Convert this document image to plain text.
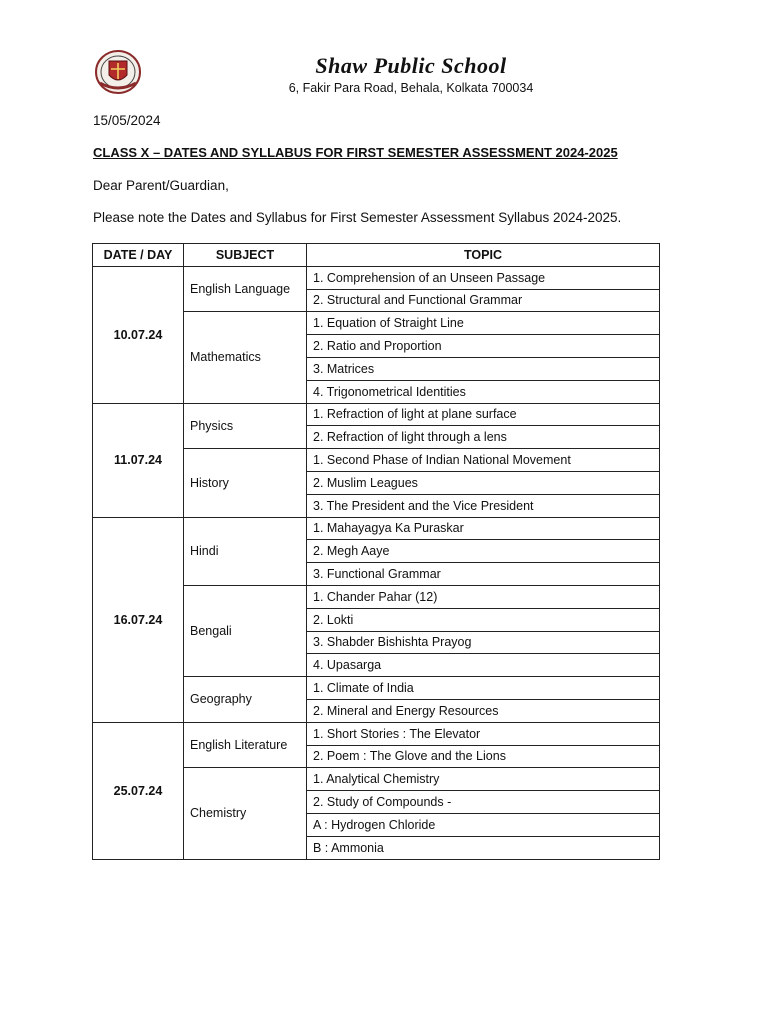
Shaw Public School
6, Fakir Para Road, Behala, Kolkata 700034
15/05/2024
CLASS X – DATES AND SYLLABUS FOR FIRST SEMESTER ASSESSMENT 2024-2025
Dear Parent/Guardian,
Please note the Dates and Syllabus for First Semester Assessment Syllabus 2024-2025.
DATE / DAY	SUBJECT	TOPIC
10.07.24	English Language	1. Comprehension of an Unseen Passage
		2. Structural and Functional Grammar
	Mathematics	1. Equation of Straight Line
		2. Ratio and Proportion
		3. Matrices
		4. Trigonometrical Identities
11.07.24	Physics	1. Refraction of light at plane surface
		2. Refraction of light through a lens
	History	1. Second Phase of Indian National Movement
		2. Muslim Leagues
		3. The President and the Vice President
16.07.24	Hindi	1. Mahayagya Ka Puraskar
		2. Megh Aaye
		3. Functional Grammar
	Bengali	1. Chander Pahar (12)
		2. Lokti
		3. Shabder Bishishta Prayog
		4. Upasarga
	Geography	1. Climate of India
		2. Mineral and Energy Resources
25.07.24	English Literature	1. Short Stories : The Elevator
		2. Poem : The Glove and the Lions
	Chemistry	1. Analytical Chemistry
		2. Study of Compounds -
		A : Hydrogen Chloride
		B : Ammonia
